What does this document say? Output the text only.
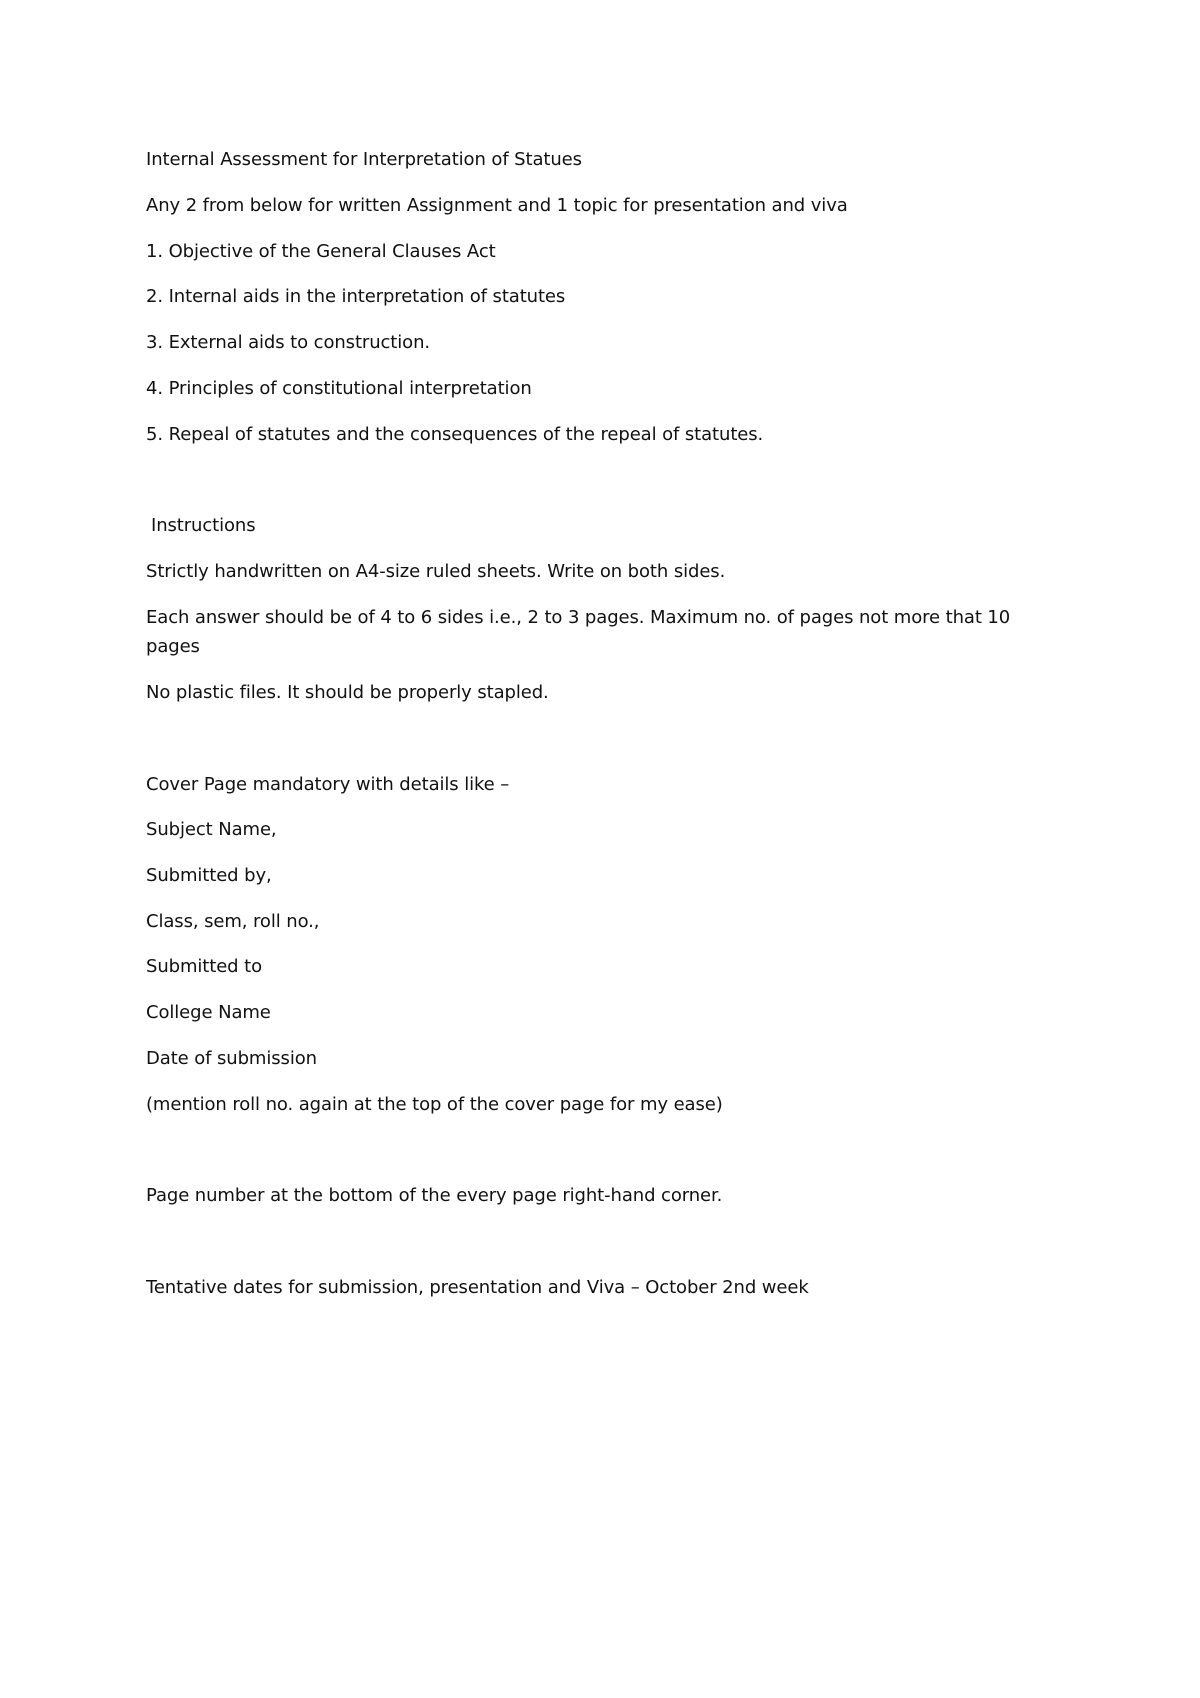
Internal Assessment for Interpretation of Statues
Any 2 from below for written Assignment and 1 topic for presentation and viva
1. Objective of the General Clauses Act
2. Internal aids in the interpretation of statutes
3. External aids to construction.
4. Principles of constitutional interpretation
5. Repeal of statutes and the consequences of the repeal of statutes.
Instructions
Strictly handwritten on A4-size ruled sheets. Write on both sides.
Each answer should be of 4 to 6 sides i.e., 2 to 3 pages. Maximum no. of pages not more that 10 pages
No plastic files. It should be properly stapled.
Cover Page mandatory with details like –
Subject Name,
Submitted by,
Class, sem, roll no.,
Submitted to
College Name
Date of submission
(mention roll no. again at the top of the cover page for my ease)
Page number at the bottom of the every page right-hand corner.
Tentative dates for submission, presentation and Viva – October 2nd week
